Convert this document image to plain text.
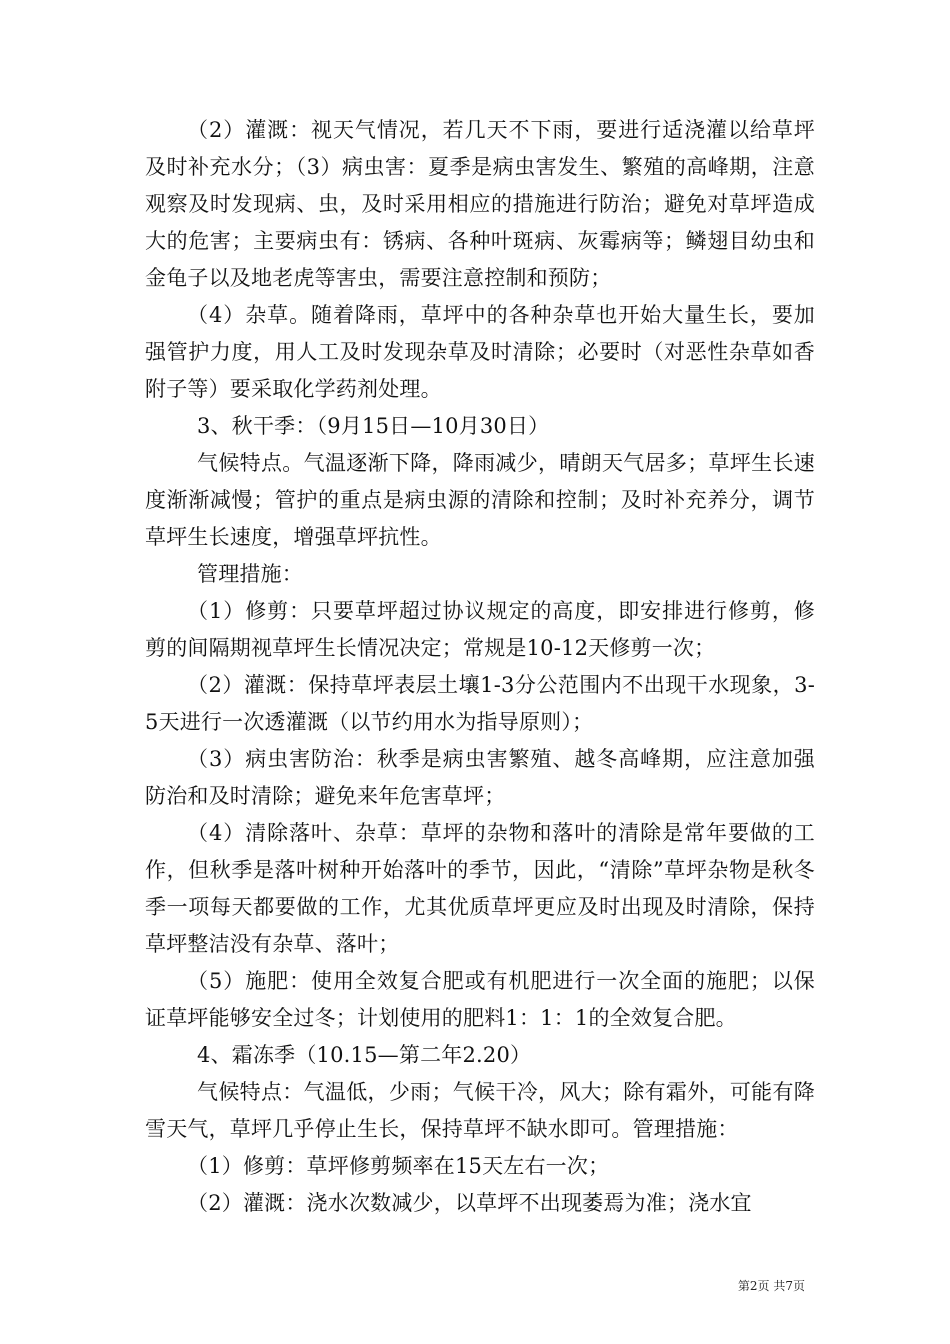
（2）灌溉：视天气情况，若几天不下雨，要进行适浇灌以给草坪及时补充水分；（3）病虫害：夏季是病虫害发生、繁殖的高峰期，注意观察及时发现病、虫，及时采用相应的措施进行防治；避免对草坪造成大的危害；主要病虫有：锈病、各种叶斑病、灰霉病等；鳞翅目幼虫和金龟子以及地老虎等害虫，需要注意控制和预防；

（4）杂草。随着降雨，草坪中的各种杂草也开始大量生长，要加强管护力度，用人工及时发现杂草及时清除；必要时（对恶性杂草如香附子等）要采取化学药剂处理。

3、秋干季：（9月15日—10月30日）

气候特点。气温逐渐下降，降雨减少，晴朗天气居多；草坪生长速度渐渐减慢；管护的重点是病虫源的清除和控制；及时补充养分，调节草坪生长速度，增强草坪抗性。

管理措施：

（1）修剪：只要草坪超过协议规定的高度，即安排进行修剪，修剪的间隔期视草坪生长情况决定；常规是10-12天修剪一次；

（2）灌溉：保持草坪表层土壤1-3分公范围内不出现干水现象，3-5天进行一次透灌溉（以节约用水为指导原则）；

（3）病虫害防治：秋季是病虫害繁殖、越冬高峰期，应注意加强防治和及时清除；避免来年危害草坪；

（4）清除落叶、杂草：草坪的杂物和落叶的清除是常年要做的工作，但秋季是落叶树种开始落叶的季节，因此，“清除”草坪杂物是秋冬季一项每天都要做的工作，尤其优质草坪更应及时出现及时清除，保持草坪整洁没有杂草、落叶；

（5）施肥：使用全效复合肥或有机肥进行一次全面的施肥；以保证草坪能够安全过冬；计划使用的肥料1：1：1的全效复合肥。

4、霜冻季（10.15—第二年2.20）

气候特点：气温低，少雨；气候干冷，风大；除有霜外，可能有降雪天气，草坪几乎停止生长，保持草坪不缺水即可。管理措施：

（1）修剪：草坪修剪频率在15天左右一次；

（2）灌溉：浇水次数减少，以草坪不出现萎焉为准；浇水宜

第2页 共7页
